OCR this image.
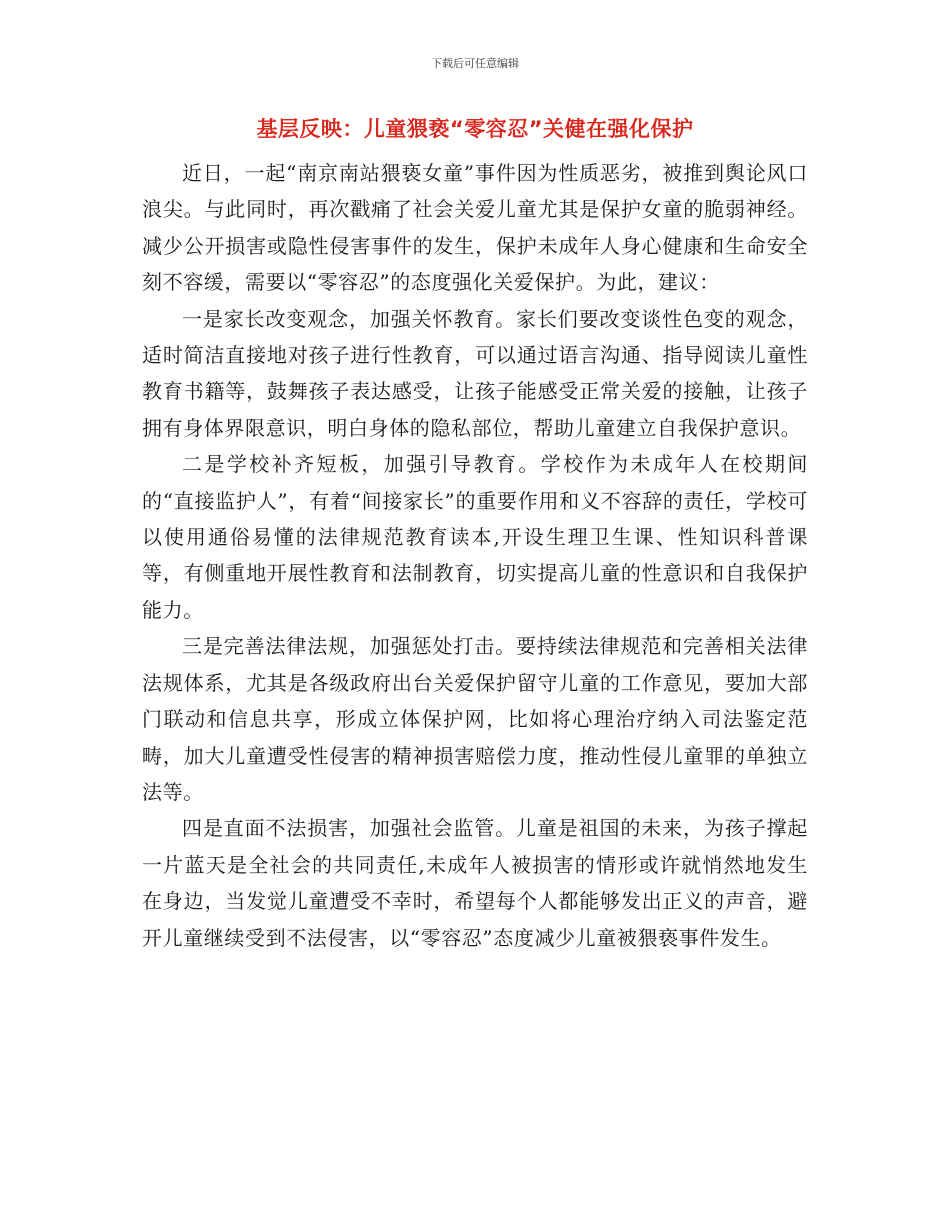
下载后可任意编辑
基层反映：儿童猥亵“零容忍”关健在强化保护

近日，一起“南京南站猥亵女童”事件因为性质恶劣，被推到舆论风口浪尖。与此同时，再次戳痛了社会关爱儿童尤其是保护女童的脆弱神经。减少公开损害或隐性侵害事件的发生，保护未成年人身心健康和生命安全刻不容缓，需要以“零容忍”的态度强化关爱保护。为此，建议：

一是家长改变观念，加强关怀教育。家长们要改变谈性色变的观念，适时简洁直接地对孩子进行性教育，可以通过语言沟通、指导阅读儿童性教育书籍等，鼓舞孩子表达感受，让孩子能感受正常关爱的接触，让孩子拥有身体界限意识，明白身体的隐私部位，帮助儿童建立自我保护意识。

二是学校补齐短板，加强引导教育。学校作为未成年人在校期间的“直接监护人”，有着“间接家长”的重要作用和义不容辞的责任，学校可以使用通俗易懂的法律规范教育读本,开设生理卫生课、性知识科普课等，有侧重地开展性教育和法制教育，切实提高儿童的性意识和自我保护能力。

三是完善法律法规，加强惩处打击。要持续法律规范和完善相关法律法规体系，尤其是各级政府出台关爱保护留守儿童的工作意见，要加大部门联动和信息共享，形成立体保护网，比如将心理治疗纳入司法鉴定范畴，加大儿童遭受性侵害的精神损害赔偿力度，推动性侵儿童罪的单独立法等。

四是直面不法损害，加强社会监管。儿童是祖国的未来，为孩子撑起一片蓝天是全社会的共同责任,未成年人被损害的情形或许就悄然地发生在身边，当发觉儿童遭受不幸时，希望每个人都能够发出正义的声音，避开儿童继续受到不法侵害，以“零容忍”态度减少儿童被猥亵事件发生。
